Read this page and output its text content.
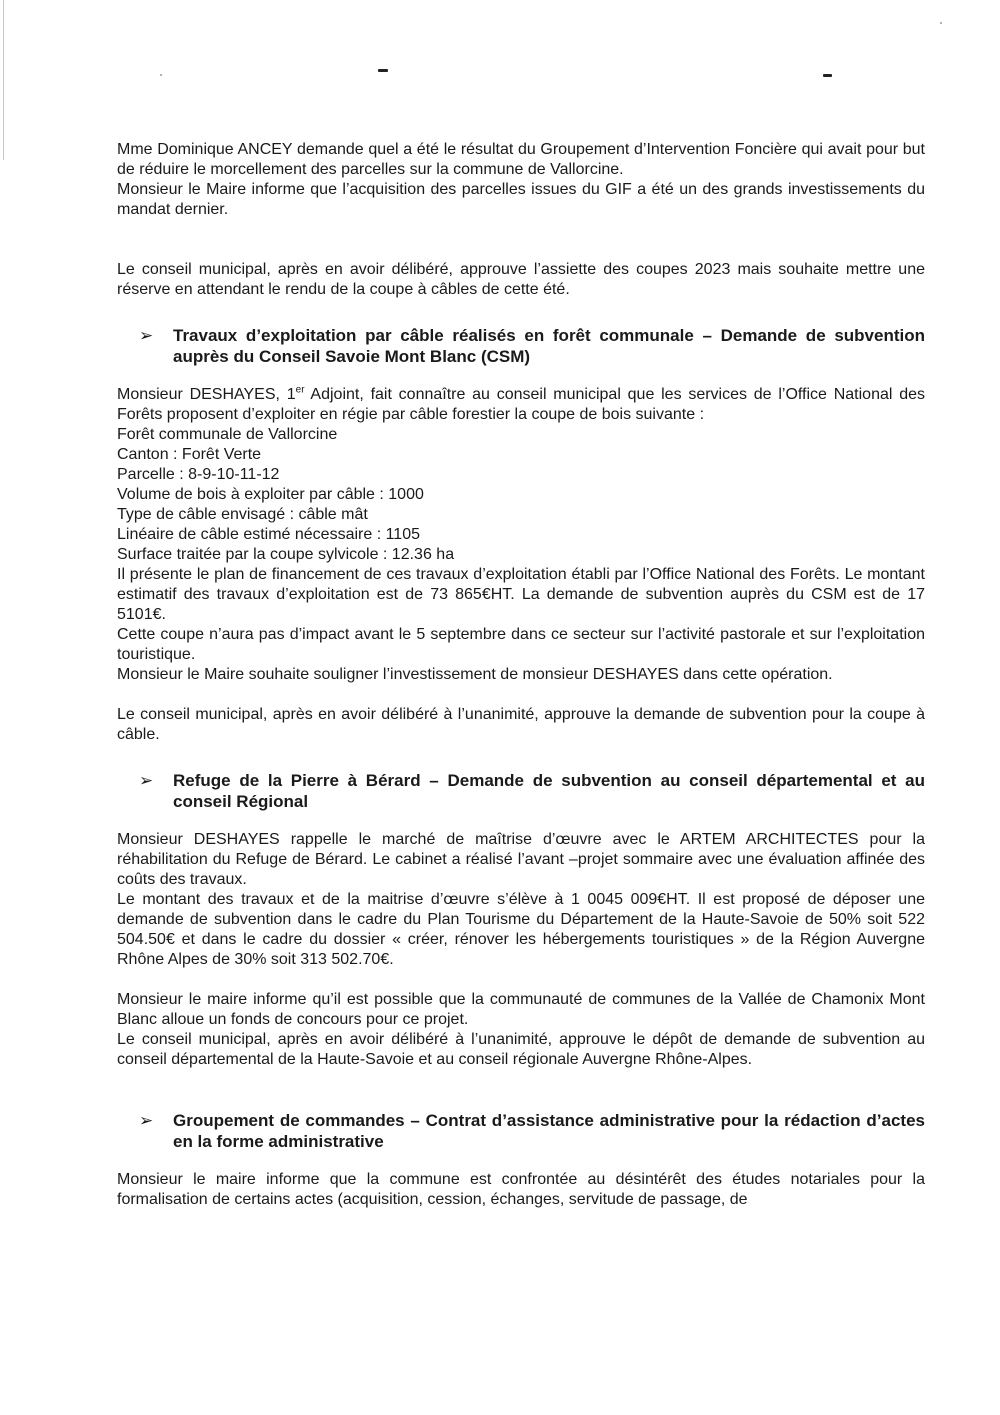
Mme Dominique ANCEY demande quel a été le résultat du Groupement d’Intervention Foncière qui avait pour but de réduire le morcellement des parcelles sur la commune de Vallorcine.

Monsieur le Maire informe que l’acquisition des parcelles issues du GIF a été un des grands investissements du mandat dernier.

Le conseil municipal, après en avoir délibéré, approuve l’assiette des coupes 2023 mais souhaite mettre une réserve en attendant le rendu de la coupe à câbles de cette été.

➢	Travaux d’exploitation par câble réalisés en forêt communale – Demande de subvention auprès du Conseil Savoie Mont Blanc (CSM)

Monsieur DESHAYES, 1er Adjoint, fait connaître au conseil municipal que les services de l’Office National des Forêts proposent d’exploiter en régie par câble forestier la coupe de bois suivante :

Forêt communale de Vallorcine

Canton : Forêt Verte

Parcelle : 8-9-10-11-12

Volume de bois à exploiter par câble : 1000

Type de câble envisagé : câble mât

Linéaire de câble estimé nécessaire : 1105

Surface traitée par la coupe sylvicole : 12.36 ha

Il présente le plan de financement de ces travaux d’exploitation établi par l’Office National des Forêts. Le montant estimatif des travaux d’exploitation est de 73 865€HT. La demande de subvention auprès du CSM est de 17 5101€.

Cette coupe n’aura pas d’impact avant le 5 septembre dans ce secteur sur l’activité pastorale et sur l’exploitation touristique.

Monsieur le Maire souhaite souligner l’investissement de monsieur DESHAYES dans cette opération.

Le conseil municipal, après en avoir délibéré à l’unanimité, approuve la demande de subvention pour la coupe à câble.

➢	Refuge de la Pierre à Bérard – Demande de subvention au conseil départemental et au conseil Régional

Monsieur DESHAYES rappelle le marché de maîtrise d’œuvre avec le ARTEM ARCHITECTES pour la réhabilitation du Refuge de Bérard. Le cabinet a réalisé l’avant –projet sommaire avec une évaluation affinée des coûts des travaux.

Le montant des travaux et de la maitrise d’œuvre s’élève à 1 0045 009€HT. Il est proposé de déposer une demande de subvention dans le cadre du Plan Tourisme du Département de la Haute-Savoie de 50% soit 522 504.50€ et dans le cadre du dossier « créer, rénover les hébergements touristiques » de la Région Auvergne Rhône Alpes de 30% soit 313 502.70€.

Monsieur le maire informe qu’il est possible que la communauté de communes de la Vallée de Chamonix Mont Blanc alloue un fonds de concours pour ce projet.

Le conseil municipal, après en avoir délibéré à l’unanimité, approuve le dépôt de demande de subvention au conseil départemental de la Haute-Savoie et au conseil régionale Auvergne Rhône-Alpes.

➢	Groupement de commandes – Contrat d’assistance administrative pour la rédaction d’actes en la forme administrative

Monsieur le maire informe que la commune est confrontée au désintérêt des études notariales pour la formalisation de certains actes (acquisition, cession, échanges, servitude de passage, de
